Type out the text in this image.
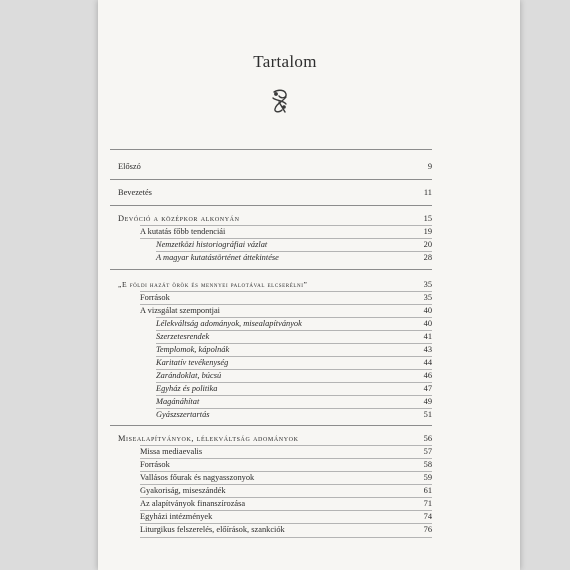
Tartalom
Előszó	9
Bevezetés	11
Devóció a középkor alkonyán	15
A kutatás főbb tendenciái	19
Nemzetközi historiográfiai vázlat	20
A magyar kutatástörténet áttekintése	28
„E földi hazát örök és mennyei palotával elcserélni”	35
Források	35
A vizsgálat szempontjai	40
Lélekváltság adományok, misealapítványok	40
Szerzetesrendek	41
Templomok, kápolnák	43
Karitatív tevékenység	44
Zarándoklat, búcsú	46
Egyház és politika	47
Magánáhítat	49
Gyászszertartás	51
Misealapítványok, lélekváltság adományok	56
Missa mediaevalis	57
Források	58
Vallásos főurak és nagyasszonyok	59
Gyakoriság, miseszándék	61
Az alapítványok finanszírozása	71
Egyházi intézmények	74
Liturgikus felszerelés, előírások, szankciók	76
